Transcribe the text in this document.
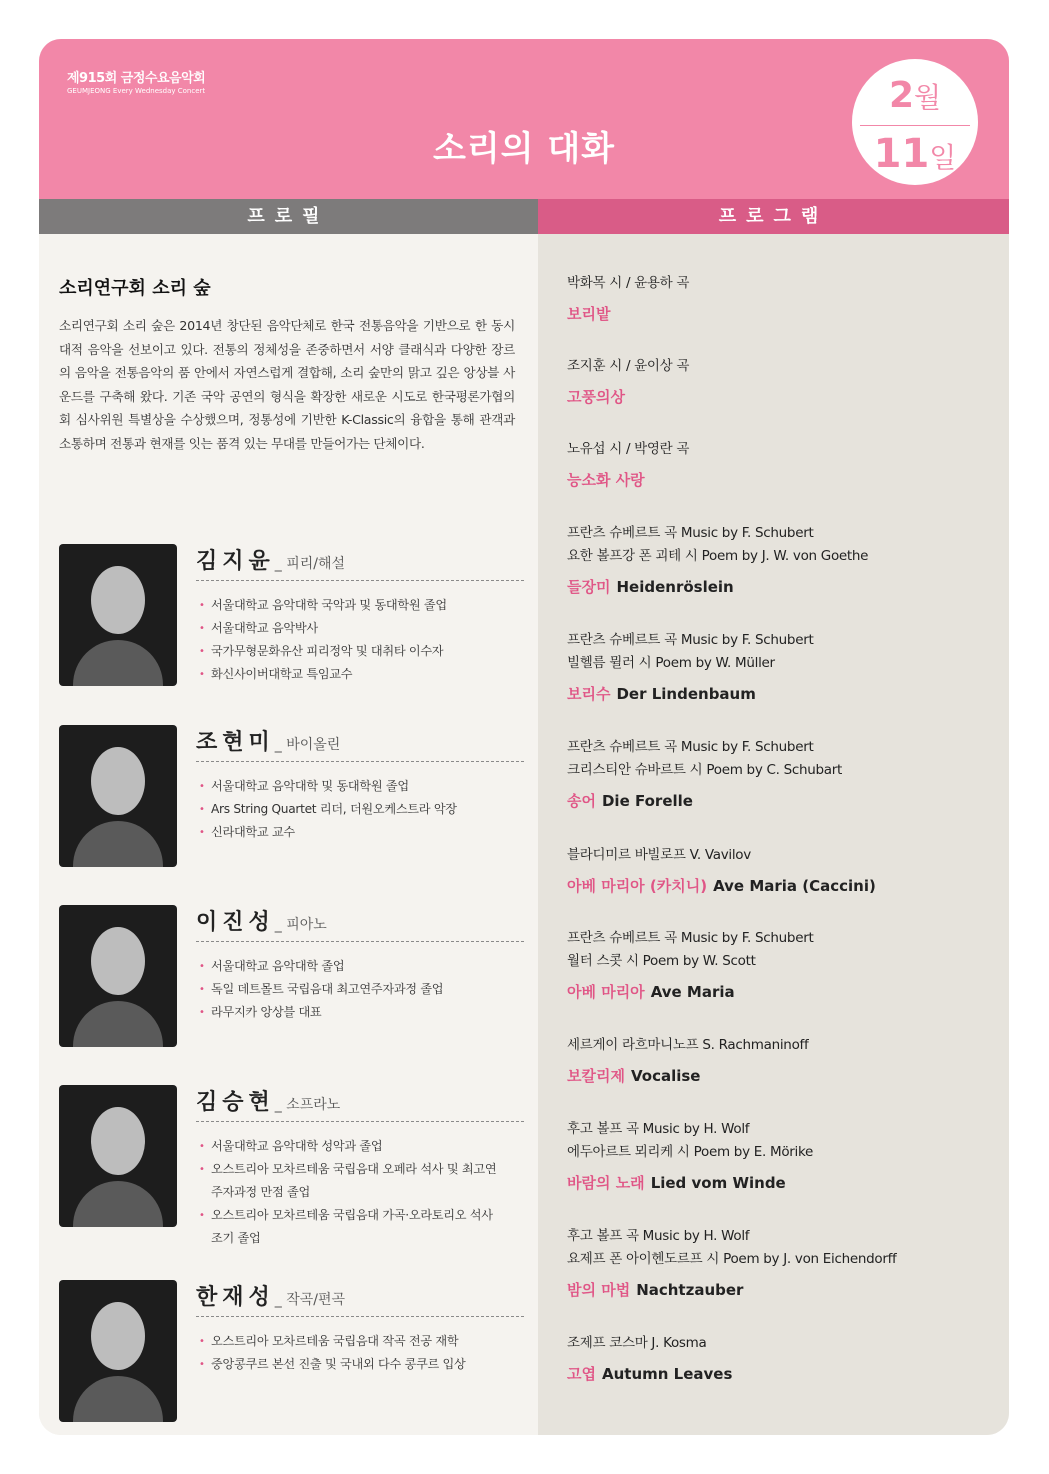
제915회 금정수요음악회
GEUMJEONG Every Wednesday Concert
소리의 대화
2월
11일
프로필	프로그램
소리연구회 소리 숲
소리연구회 소리 숲은 2014년 창단된 음악단체로 한국 전통음악을 기반으로 한 동시대적 음악을 선보이고 있다. 전통의 정체성을 존중하면서 서양 클래식과 다양한 장르의 음악을 전통음악의 품 안에서 자연스럽게 결합해, 소리 숲만의 맑고 깊은 앙상블 사운드를 구축해 왔다. 기존 국악 공연의 형식을 확장한 새로운 시도로 한국평론가협의회 심사위원 특별상을 수상했으며, 정통성에 기반한 K-Classic의 융합을 통해 관객과 소통하며 전통과 현재를 잇는 품격 있는 무대를 만들어가는 단체이다.
김지윤_ 피리/해설
• 서울대학교 음악대학 국악과 및 동대학원 졸업
• 서울대학교 음악박사
• 국가무형문화유산 피리정악 및 대취타 이수자
• 화신사이버대학교 특임교수
조현미_ 바이올린
• 서울대학교 음악대학 및 동대학원 졸업
• Ars String Quartet 리더, 더원오케스트라 악장
• 신라대학교 교수
이진성_ 피아노
• 서울대학교 음악대학 졸업
• 독일 데트몰트 국립음대 최고연주자과정 졸업
• 라무지카 앙상블 대표
김승현_ 소프라노
• 서울대학교 음악대학 성악과 졸업
• 오스트리아 모차르테움 국립음대 오페라 석사 및 최고연주자과정 만점 졸업
• 오스트리아 모차르테움 국립음대 가곡·오라토리오 석사 조기 졸업
한재성_ 작곡/편곡
• 오스트리아 모차르테움 국립음대 작곡 전공 재학
• 중앙콩쿠르 본선 진출 및 국내외 다수 콩쿠르 입상
박화목 시 / 윤용하 곡
보리밭
조지훈 시 / 윤이상 곡
고풍의상
노유섭 시 / 박영란 곡
능소화 사랑
프란츠 슈베르트 곡 Music by F. Schubert
요한 볼프강 폰 괴테 시 Poem by J. W. von Goethe
들장미 Heidenröslein
프란츠 슈베르트 곡 Music by F. Schubert
빌헬름 뮐러 시 Poem by W. Müller
보리수 Der Lindenbaum
프란츠 슈베르트 곡 Music by F. Schubert
크리스티안 슈바르트 시 Poem by C. Schubart
송어 Die Forelle
블라디미르 바빌로프 V. Vavilov
아베 마리아 (카치니) Ave Maria (Caccini)
프란츠 슈베르트 곡 Music by F. Schubert
월터 스콧 시 Poem by W. Scott
아베 마리아 Ave Maria
세르게이 라흐마니노프 S. Rachmaninoff
보칼리제 Vocalise
후고 볼프 곡 Music by H. Wolf
에두아르트 뫼리케 시 Poem by E. Mörike
바람의 노래 Lied vom Winde
후고 볼프 곡 Music by H. Wolf
요제프 폰 아이헨도르프 시 Poem by J. von Eichendorff
밤의 마법 Nachtzauber
조제프 코스마 J. Kosma
고엽 Autumn Leaves
